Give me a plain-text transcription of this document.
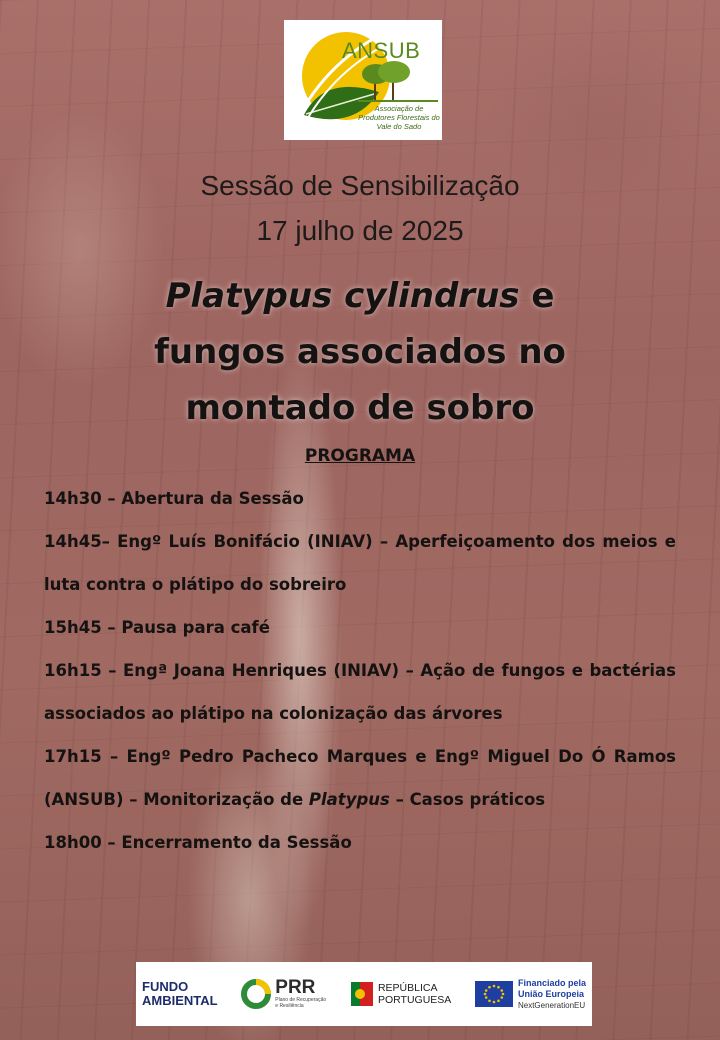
ANSUB
Associação de Produtores Florestais do Vale do Sado
Sessão de Sensibilização
17 julho de 2025
Platypus cylindrus e
fungos associados no
montado de sobro
PROGRAMA
14h30 – Abertura da Sessão
14h45– Engº Luís Bonifácio (INIAV) – Aperfeiçoamento dos meios e luta contra o plátipo do sobreiro
15h45 – Pausa para café
16h15 – Engª Joana Henriques (INIAV) – Ação de fungos e bactérias associados ao plátipo na colonização das árvores
17h15 – Engº Pedro Pacheco Marques e Engº Miguel Do Ó Ramos (ANSUB) – Monitorização de Platypus – Casos práticos
18h00 – Encerramento da Sessão
FUNDO
AMBIENTAL
PRR
Plano de Recuperação e Resiliência
REPÚBLICA
PORTUGUESA
Financiado pela
União Europeia
NextGenerationEU
